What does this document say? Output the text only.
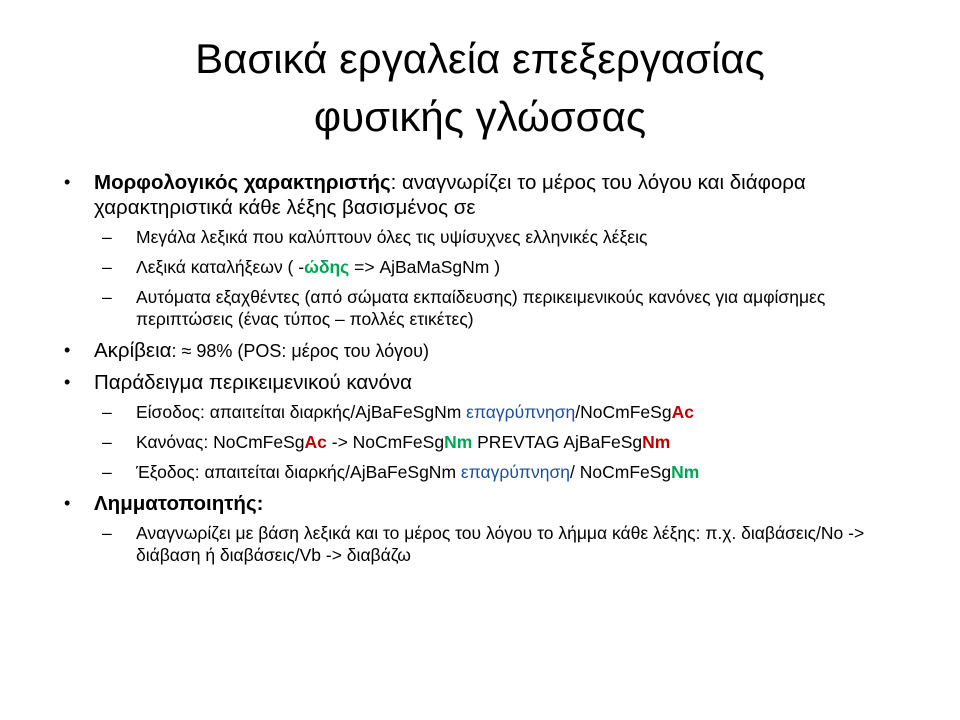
Βασικά εργαλεία επεξεργασίας
φυσικής γλώσσας
• Μορφολογικός χαρακτηριστής: αναγνωρίζει το μέρος του λόγου και διάφορα χαρακτηριστικά κάθε λέξης βασισμένος σε
– Μεγάλα λεξικά που καλύπτουν όλες τις υψίσυχνες ελληνικές λέξεις
– Λεξικά καταλήξεων ( -ώδης => AjBaMaSgNm )
– Αυτόματα εξαχθέντες (από σώματα εκπαίδευσης) περικειμενικούς κανόνες για αμφίσημες περιπτώσεις (ένας τύπος – πολλές ετικέτες)
• Ακρίβεια: ≈ 98% (POS: μέρος του λόγου)
• Παράδειγμα περικειμενικού κανόνα
– Είσοδος: απαιτείται διαρκής/AjBaFeSgNm επαγρύπνηση/NoCmFeSgAc
– Κανόνας: NoCmFeSgAc -> NoCmFeSgNm PREVTAG AjBaFeSgNm
– Έξοδος: απαιτείται διαρκής/AjBaFeSgNm επαγρύπνηση/ NoCmFeSgNm
• Λημματοποιητής:
– Αναγνωρίζει με βάση λεξικά και το μέρος του λόγου το λήμμα κάθε λέξης: π.χ. διαβάσεις/No -> διάβαση ή διαβάσεις/Vb -> διαβάζω
